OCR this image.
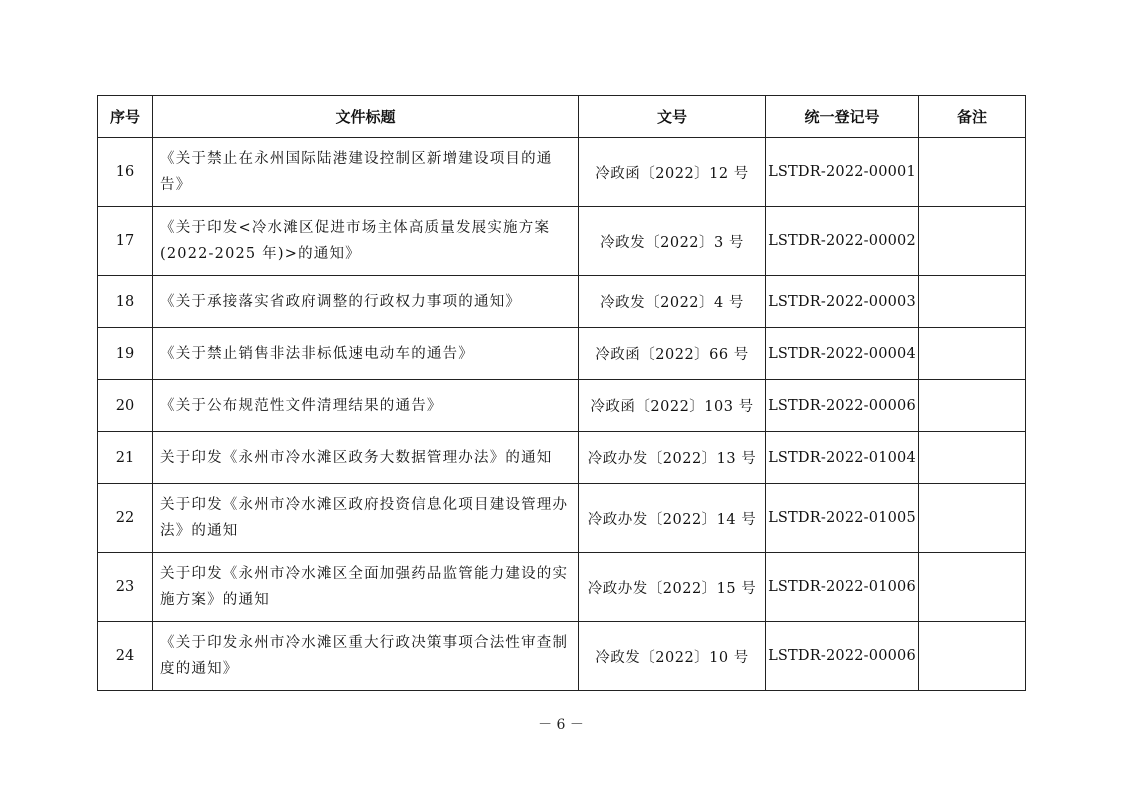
序号	文件标题	文号	统一登记号	备注
16	《关于禁止在永州国际陆港建设控制区新增建设项目的通告》	冷政函〔2022〕12 号	LSTDR-2022-00001	
17	《关于印发<冷水滩区促进市场主体高质量发展实施方案(2022-2025 年)>的通知》	冷政发〔2022〕3 号	LSTDR-2022-00002	
18	《关于承接落实省政府调整的行政权力事项的通知》	冷政发〔2022〕4 号	LSTDR-2022-00003	
19	《关于禁止销售非法非标低速电动车的通告》	冷政函〔2022〕66 号	LSTDR-2022-00004	
20	《关于公布规范性文件清理结果的通告》	冷政函〔2022〕103 号	LSTDR-2022-00006	
21	关于印发《永州市冷水滩区政务大数据管理办法》的通知	冷政办发〔2022〕13 号	LSTDR-2022-01004	
22	关于印发《永州市冷水滩区政府投资信息化项目建设管理办法》的通知	冷政办发〔2022〕14 号	LSTDR-2022-01005	
23	关于印发《永州市冷水滩区全面加强药品监管能力建设的实施方案》的通知	冷政办发〔2022〕15 号	LSTDR-2022-01006	
24	《关于印发永州市冷水滩区重大行政决策事项合法性审查制度的通知》	冷政发〔2022〕10 号	LSTDR-2022-00006	
－ 6 －
